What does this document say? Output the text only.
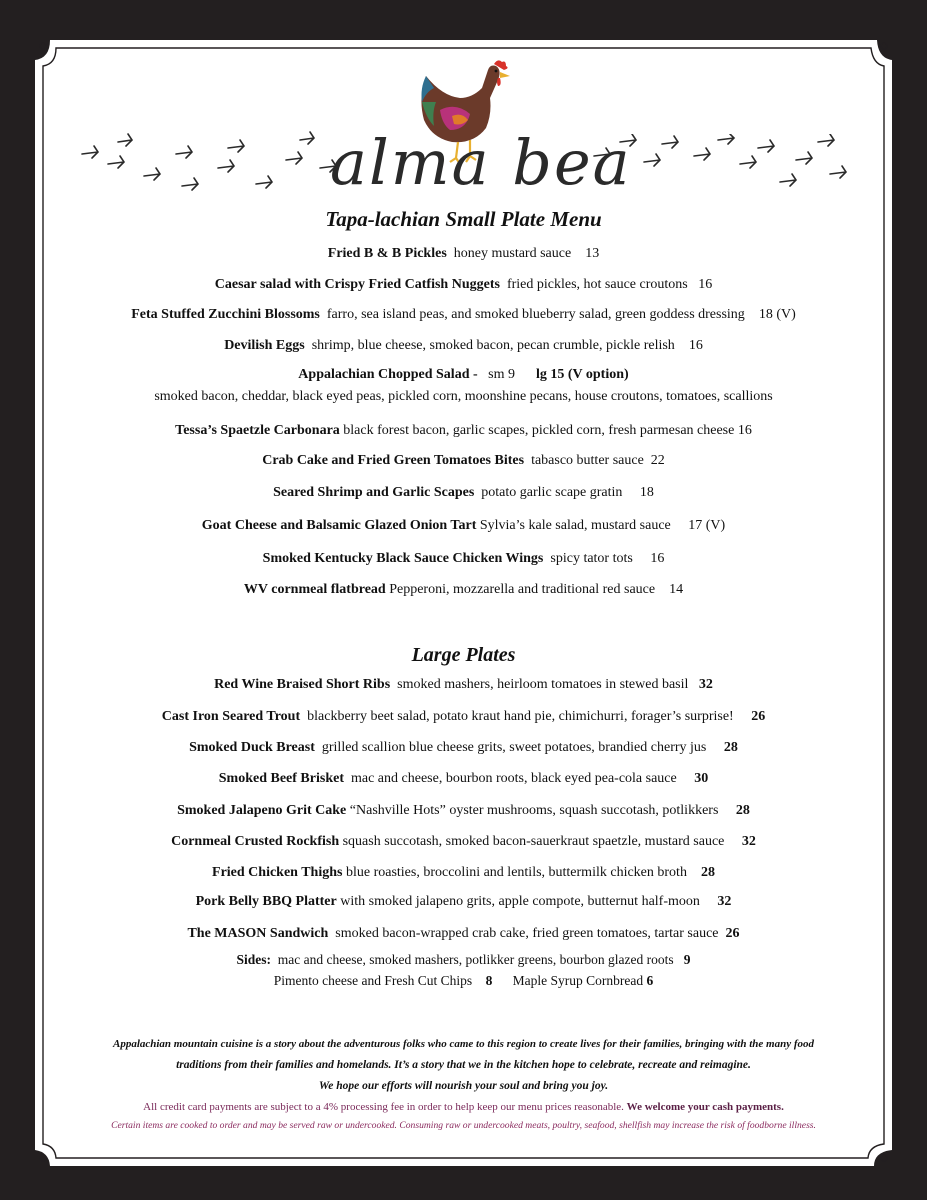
alma bea
Tapa-lachian Small Plate Menu
Fried B & B Pickles honey mustard sauce 13
Caesar salad with Crispy Fried Catfish Nuggets fried pickles, hot sauce croutons 16
Feta Stuffed Zucchini Blossoms farro, sea island peas, and smoked blueberry salad, green goddess dressing 18 (V)
Devilish Eggs shrimp, blue cheese, smoked bacon, pecan crumble, pickle relish 16
Appalachian Chopped Salad - sm 9 lg 15 (V option)
smoked bacon, cheddar, black eyed peas, pickled corn, moonshine pecans, house croutons, tomatoes, scallions
Tessa’s Spaetzle Carbonara black forest bacon, garlic scapes, pickled corn, fresh parmesan cheese 16
Crab Cake and Fried Green Tomatoes Bites tabasco butter sauce 22
Seared Shrimp and Garlic Scapes potato garlic scape gratin 18
Goat Cheese and Balsamic Glazed Onion Tart Sylvia’s kale salad, mustard sauce 17 (V)
Smoked Kentucky Black Sauce Chicken Wings spicy tator tots 16
WV cornmeal flatbread Pepperoni, mozzarella and traditional red sauce 14
Large Plates
Red Wine Braised Short Ribs smoked mashers, heirloom tomatoes in stewed basil 32
Cast Iron Seared Trout blackberry beet salad, potato kraut hand pie, chimichurri, forager’s surprise! 26
Smoked Duck Breast grilled scallion blue cheese grits, sweet potatoes, brandied cherry jus 28
Smoked Beef Brisket mac and cheese, bourbon roots, black eyed pea-cola sauce 30
Smoked Jalapeno Grit Cake “Nashville Hots” oyster mushrooms, squash succotash, potlikkers 28
Cornmeal Crusted Rockfish squash succotash, smoked bacon-sauerkraut spaetzle, mustard sauce 32
Fried Chicken Thighs blue roasties, broccolini and lentils, buttermilk chicken broth 28
Pork Belly BBQ Platter with smoked jalapeno grits, apple compote, butternut half-moon 32
The MASON Sandwich smoked bacon-wrapped crab cake, fried green tomatoes, tartar sauce 26
Sides: mac and cheese, smoked mashers, potlikker greens, bourbon glazed roots 9
Pimento cheese and Fresh Cut Chips 8 Maple Syrup Cornbread 6
Appalachian mountain cuisine is a story about the adventurous folks who came to this region to create lives for their families, bringing with the many food
traditions from their families and homelands. It’s a story that we in the kitchen hope to celebrate, recreate and reimagine.
We hope our efforts will nourish your soul and bring you joy.
All credit card payments are subject to a 4% processing fee in order to help keep our menu prices reasonable. We welcome your cash payments.
Certain items are cooked to order and may be served raw or undercooked. Consuming raw or undercooked meats, poultry, seafood, shellfish may increase the risk of foodborne illness.
